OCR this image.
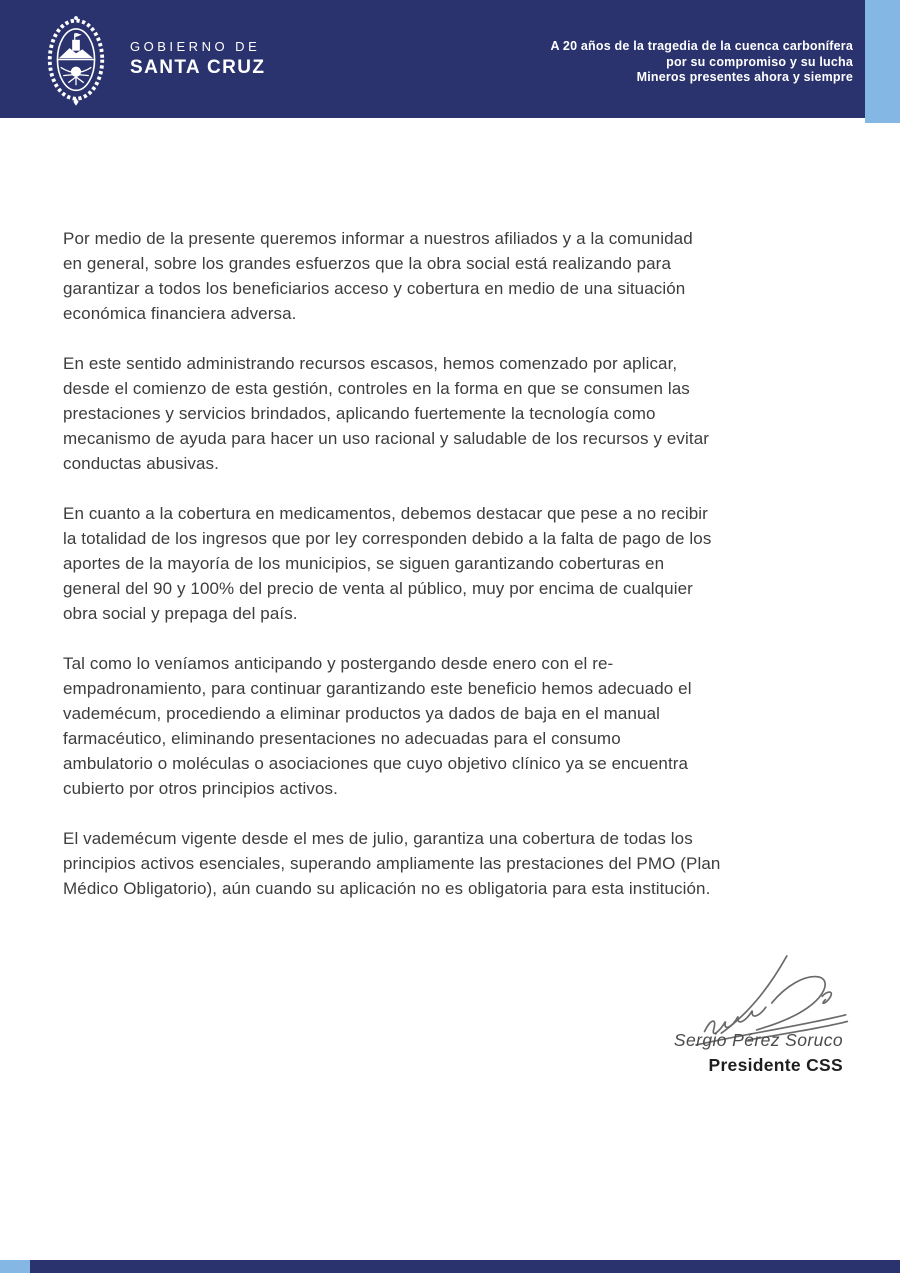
GOBIERNO DE
SANTA CRUZ
A 20 años de la tragedia de la cuenca carbonífera
por su compromiso y su lucha
Mineros presentes ahora y siempre

Por medio de la presente queremos informar a nuestros afiliados y a la comunidad
en general, sobre los grandes esfuerzos que la obra social está realizando para
garantizar a todos los beneficiarios acceso y cobertura en medio de una situación
económica financiera adversa.

En este sentido administrando recursos escasos, hemos comenzado por aplicar,
desde el comienzo de esta gestión, controles en la forma en que se consumen las
prestaciones y servicios brindados, aplicando fuertemente la tecnología como
mecanismo de ayuda para hacer un uso racional y saludable de los recursos y evitar
conductas abusivas.

En cuanto a la cobertura en medicamentos, debemos destacar que pese a no recibir
la totalidad de los ingresos que por ley corresponden debido a la falta de pago de los
aportes de la mayoría de los municipios, se siguen garantizando coberturas en
general del 90 y 100% del precio de venta al público, muy por encima de cualquier
obra social y prepaga del país.

Tal como lo veníamos anticipando y postergando desde enero con el re-
empadronamiento, para continuar garantizando este beneficio hemos adecuado el
vademécum, procediendo a eliminar productos ya dados de baja en el manual
farmacéutico, eliminando presentaciones no adecuadas para el consumo
ambulatorio o moléculas o asociaciones que cuyo objetivo clínico ya se encuentra
cubierto por otros principios activos.

El vademécum vigente desde el mes de julio, garantiza una cobertura de todas los
principios activos esenciales, superando ampliamente las prestaciones del PMO (Plan
Médico Obligatorio), aún cuando su aplicación no es obligatoria para esta institución.

Sergio Pérez Soruco
Presidente CSS
